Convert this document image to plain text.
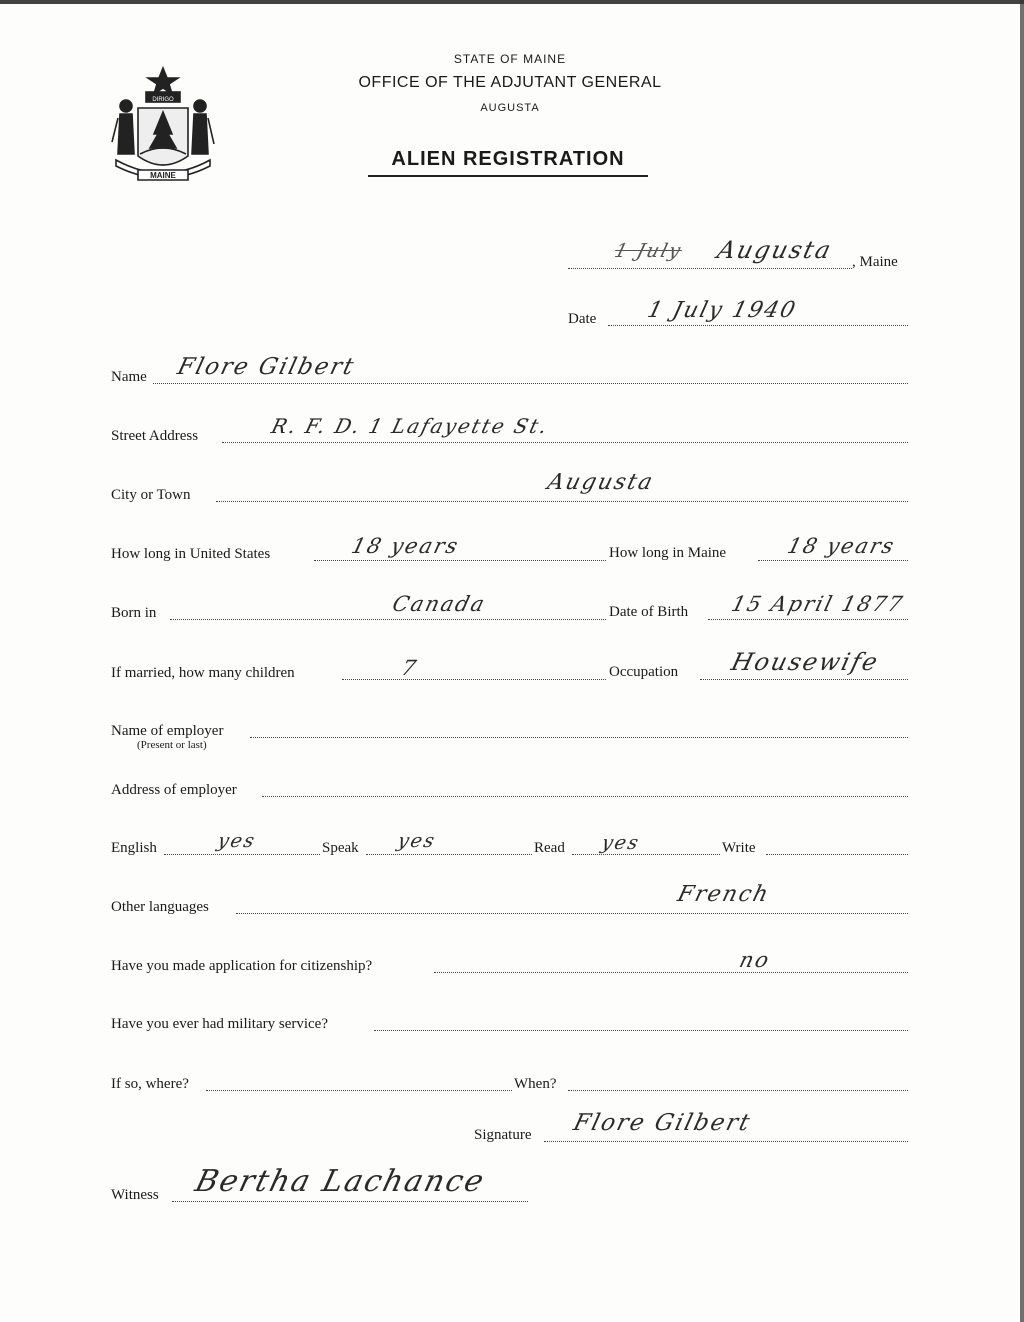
DIRIGO
MAINE
STATE OF MAINE
OFFICE OF THE ADJUTANT GENERAL
AUGUSTA
ALIEN REGISTRATION
1 July Augusta , Maine
Date 1 July 1940
Name Flore Gilbert
Street Address	R. F. D. 1 Lafayette St.
City or Town	Augusta
How long in United States	18 years	How long in Maine	18 years
Born in	Canada	Date of Birth 15 April 1877
If married, how many children	7	Occupation Housewife
Name of employer
(Present or last)
Address of employer
English	yes	Speak yes	Read yes	Write
Other languages	French
Have you made application for citizenship?	no
Have you ever had military service?
If so, where?	When?
Signature Flore Gilbert
Witness Bertha Lachance
